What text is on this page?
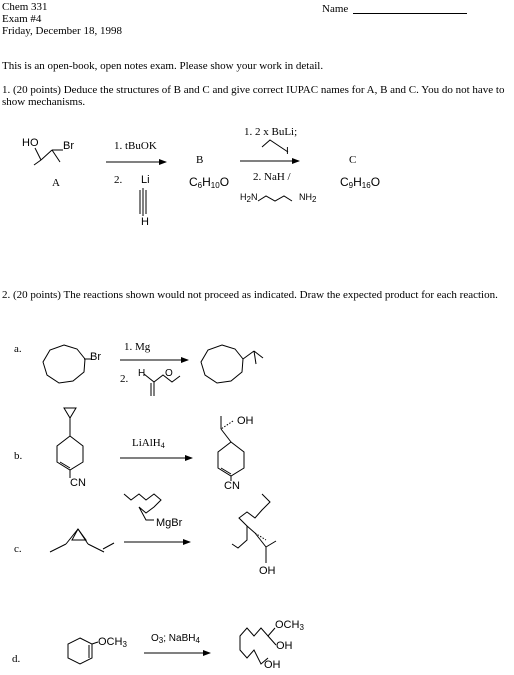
Chem 331
Exam #4
Friday, December 18, 1998
Name
This is an open-book, open notes exam. Please show your work in detail.
1. (20 points) Deduce the structures of B and C and give correct IUPAC names for A, B and C. You do not have to show mechanisms.
HO Br
A
1. tBuOK
2. Li
H
B
$C_6H_{10}O$
1. 2 x BuLi;
I
2. NaH /
$H_2N$	$NH_2$
C
$C_9H_{16}O$
2. (20 points) The reactions shown would not proceed as indicated. Draw the expected product for each reaction.
a.
Br
1. Mg
2. H O
b.
LiAlH$_4$
CN
OH
CN
c.
MgBr
OH
d.
$OCH_3$
$O_3$; NaBH$_4$
$OCH_3$
OH
OH
